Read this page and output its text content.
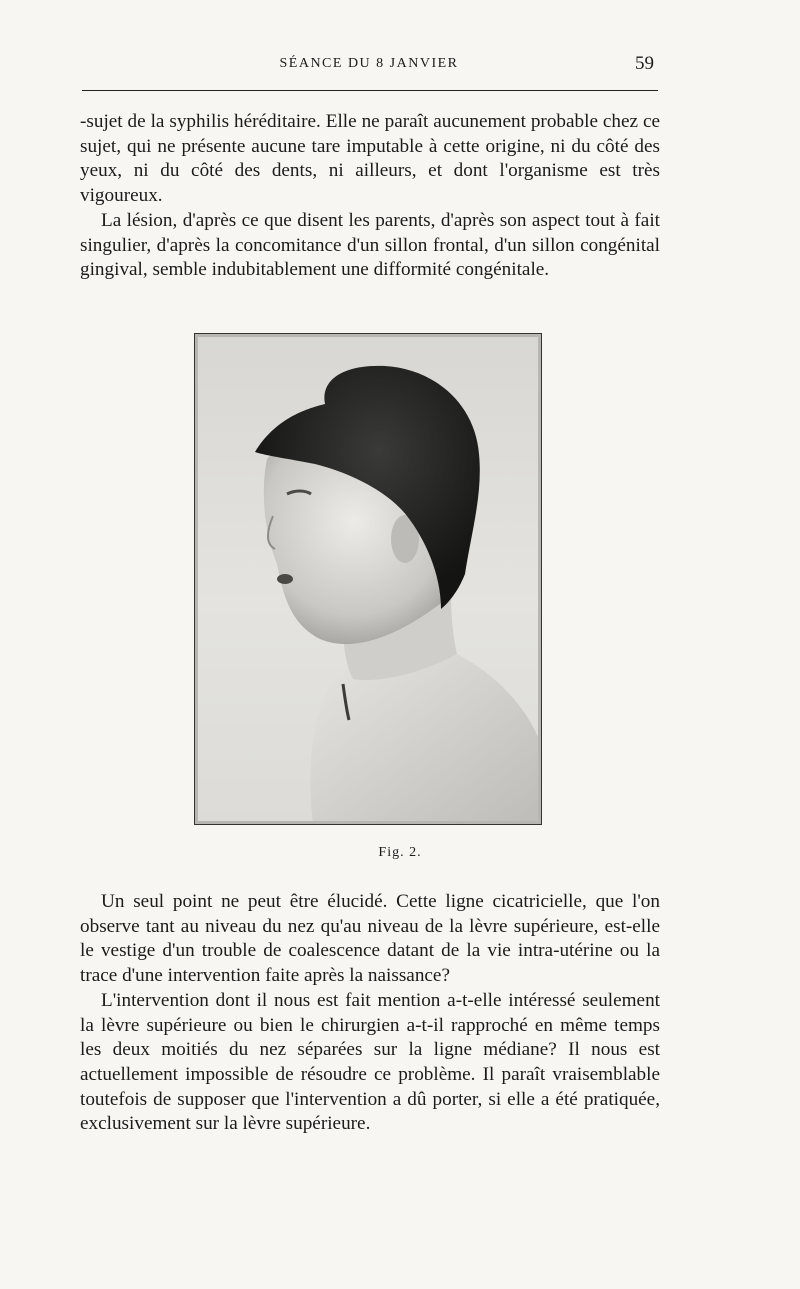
SÉANCE DU 8 JANVIER	59

-sujet de la syphilis héréditaire. Elle ne paraît aucunement probable chez ce sujet, qui ne présente aucune tare imputable à cette origine, ni du côté des yeux, ni du côté des dents, ni ailleurs, et dont l'organisme est très vigoureux.

La lésion, d'après ce que disent les parents, d'après son aspect tout à fait singulier, d'après la concomitance d'un sillon frontal, d'un sillon congénital gingival, semble indubitablement une difformité congénitale.

Fig. 2.

Un seul point ne peut être élucidé. Cette ligne cicatricielle, que l'on observe tant au niveau du nez qu'au niveau de la lèvre supérieure, est-elle le vestige d'un trouble de coalescence datant de la vie intra-utérine ou la trace d'une intervention faite après la naissance?

L'intervention dont il nous est fait mention a-t-elle intéressé seulement la lèvre supérieure ou bien le chirurgien a-t-il rapproché en même temps les deux moitiés du nez séparées sur la ligne médiane? Il nous est actuellement impossible de résoudre ce problème. Il paraît vraisemblable toutefois de supposer que l'intervention a dû porter, si elle a été pratiquée, exclusivement sur la lèvre supérieure.
